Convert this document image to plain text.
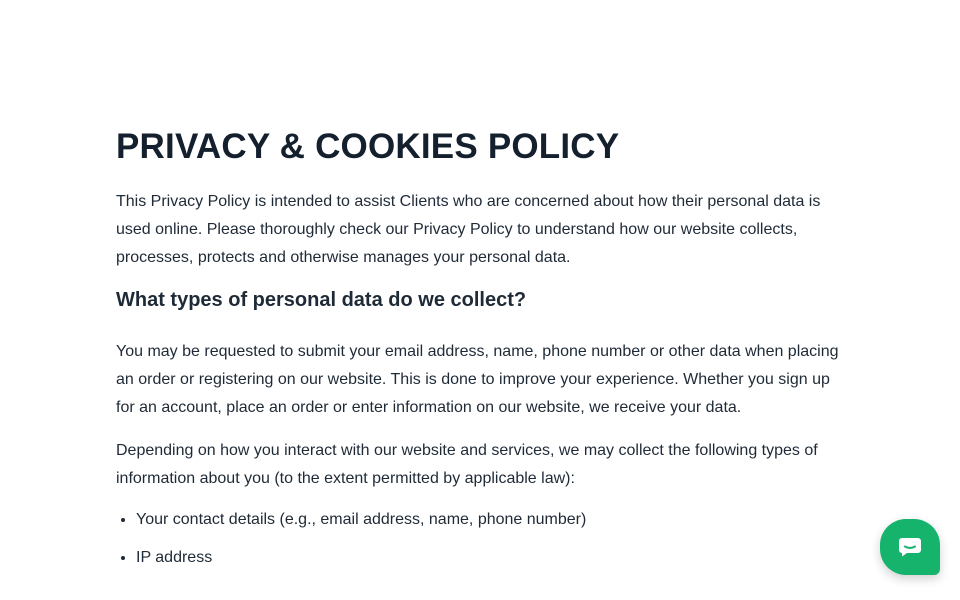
PRIVACY & COOKIES POLICY

This Privacy Policy is intended to assist Clients who are concerned about how their personal data is used online. Please thoroughly check our Privacy Policy to understand how our website collects, processes, protects and otherwise manages your personal data.

What types of personal data do we collect?

You may be requested to submit your email address, name, phone number or other data when placing an order or registering on our website. This is done to improve your experience. Whether you sign up for an account, place an order or enter information on our website, we receive your data.

Depending on how you interact with our website and services, we may collect the following types of information about you (to the extent permitted by applicable law):

• Your contact details (e.g., email address, name, phone number)
• IP address
